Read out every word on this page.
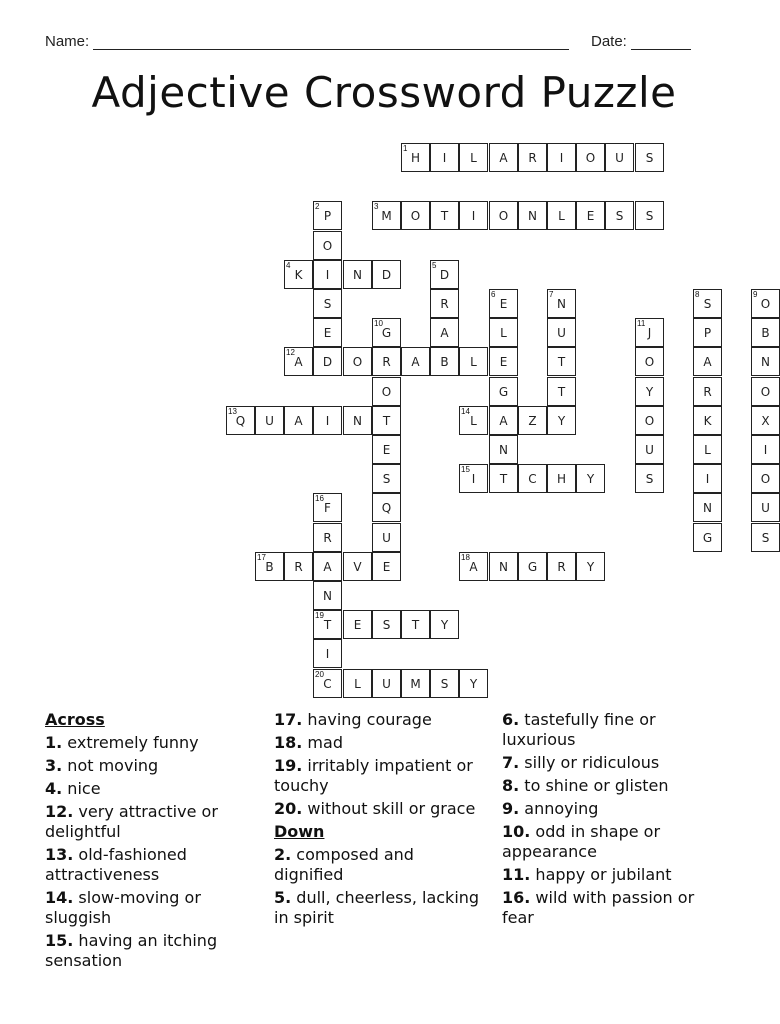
Name:	Date:
Adjective Crossword Puzzle
1
H	I	L	A	R	I	O	U	S
2
P
O
I
S
E
3
M	O	T	I	O	N	L	E	S	S
4
K	N	D
5
D
R
A
B
6
E
L
E
G
A
N
T
7
N
U
T
T
Y
8
S
P
A
R
K
L
I
N
G
9
O
B
N
O
X
I
O
U
S
10
G
R
O
T
E
S
Q
U
E
11
J
O
Y
O
U
S
12
A	D	O	A	L
13
Q	U	A	I	N
14
L	Z
15
I	C	H	Y
16
F
R
A
N
19
T
I
20
C
17
B	R	V
18
A	N	G	R	Y
E	S	T	Y
L	U	M	S	Y
Across
1. extremely funny
3. not moving
4. nice
12. very attractive or delightful
13. old-fashioned attractiveness
14. slow-moving or sluggish
15. having an itching sensation
17. having courage
18. mad
19. irritably impatient or touchy
20. without skill or grace
Down
2. composed and dignified
5. dull, cheerless, lacking in spirit
6. tastefully fine or luxurious
7. silly or ridiculous
8. to shine or glisten
9. annoying
10. odd in shape or appearance
11. happy or jubilant
16. wild with passion or fear
